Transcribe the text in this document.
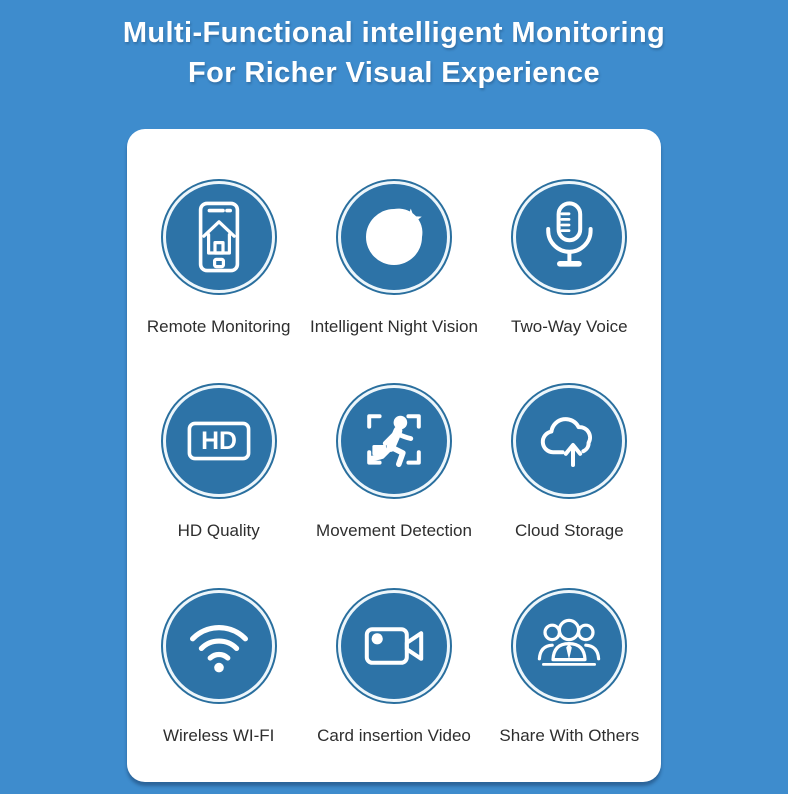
Multi-Functional intelligent Monitoring
For Richer Visual Experience
Remote Monitoring Intelligent Night Vision Two-Way Voice
HD
HD Quality	Movement Detection	Cloud Storage
Wireless WI-FI	Card insertion Video Share With Others
